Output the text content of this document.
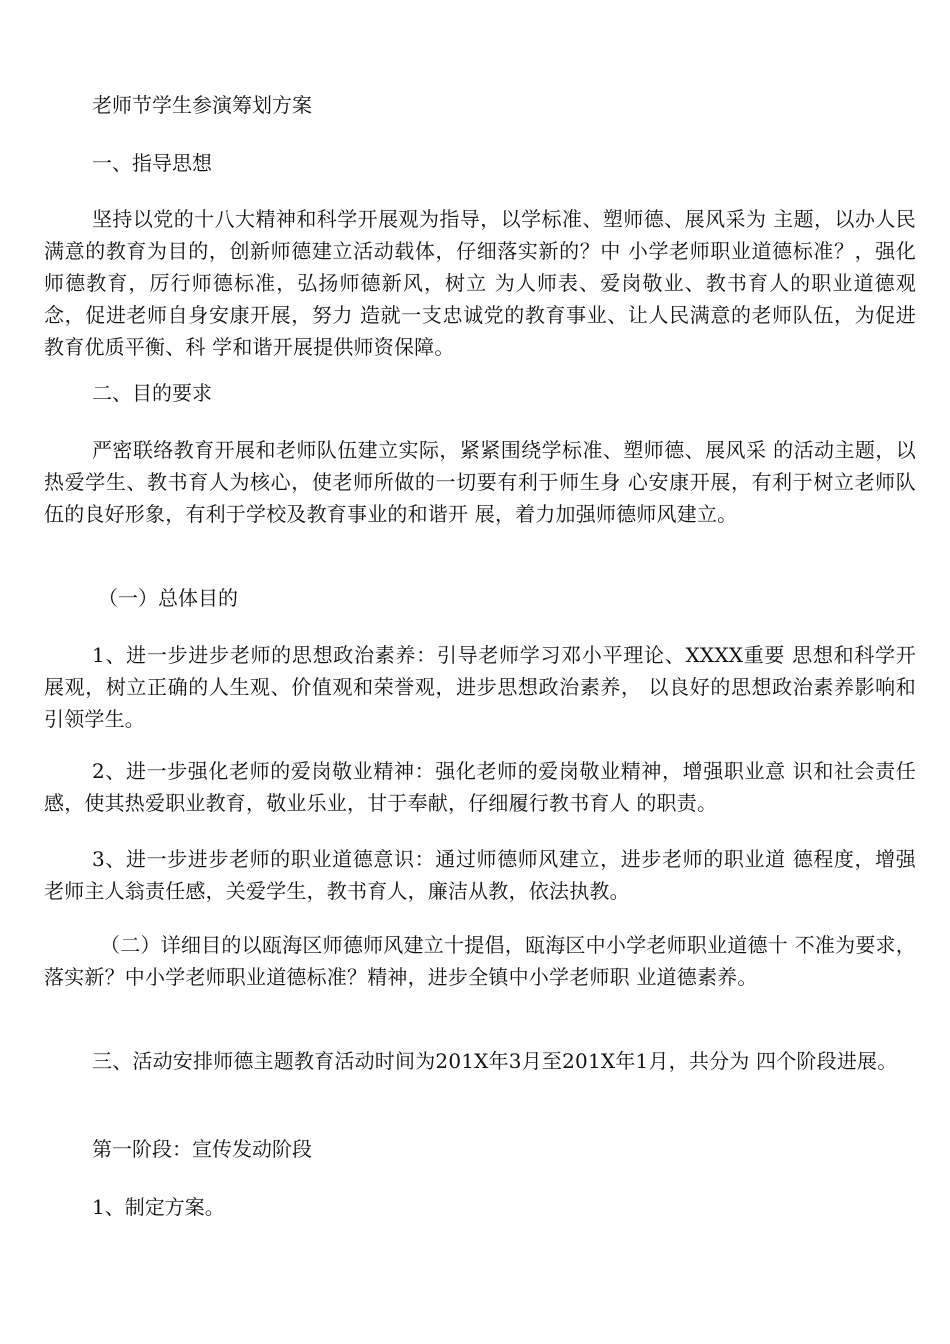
老师节学生参演筹划方案
一、指导思想
坚持以党的十八大精神和科学开展观为指导，以学标准、塑师德、展风采为 主题，以办人民满意的教育为目的，创新师德建立活动载体，仔细落实新的？中 小学老师职业道德标准？，强化师德教育，厉行师德标准，弘扬师德新风，树立 为人师表、爱岗敬业、教书育人的职业道德观念，促进老师自身安康开展，努力 造就一支忠诚党的教育事业、让人民满意的老师队伍，为促进教育优质平衡、科 学和谐开展提供师资保障。
二、目的要求
严密联络教育开展和老师队伍建立实际，紧紧围绕学标准、塑师德、展风采 的活动主题，以热爱学生、教书育人为核心，使老师所做的一切要有利于师生身 心安康开展，有利于树立老师队伍的良好形象，有利于学校及教育事业的和谐开 展，着力加强师德师风建立。
（一）总体目的
1、进一步进步老师的思想政治素养：引导老师学习邓小平理论、XXXX重要 思想和科学开展观，树立正确的人生观、价值观和荣誉观，进步思想政治素养， 以良好的思想政治素养影响和引领学生。
2、进一步强化老师的爱岗敬业精神：强化老师的爱岗敬业精神，增强职业意 识和社会责任感，使其热爱职业教育，敬业乐业，甘于奉献，仔细履行教书育人 的职责。
3、进一步进步老师的职业道德意识：通过师德师风建立，进步老师的职业道 德程度，增强老师主人翁责任感，关爱学生，教书育人，廉洁从教，依法执教。
（二）详细目的以瓯海区师德师风建立十提倡，瓯海区中小学老师职业道德十 不准为要求，落实新？中小学老师职业道德标准？精神，进步全镇中小学老师职 业道德素养。
三、活动安排师德主题教育活动时间为201X年3月至201X年1月，共分为 四个阶段进展。
第一阶段：宣传发动阶段
1、制定方案。
